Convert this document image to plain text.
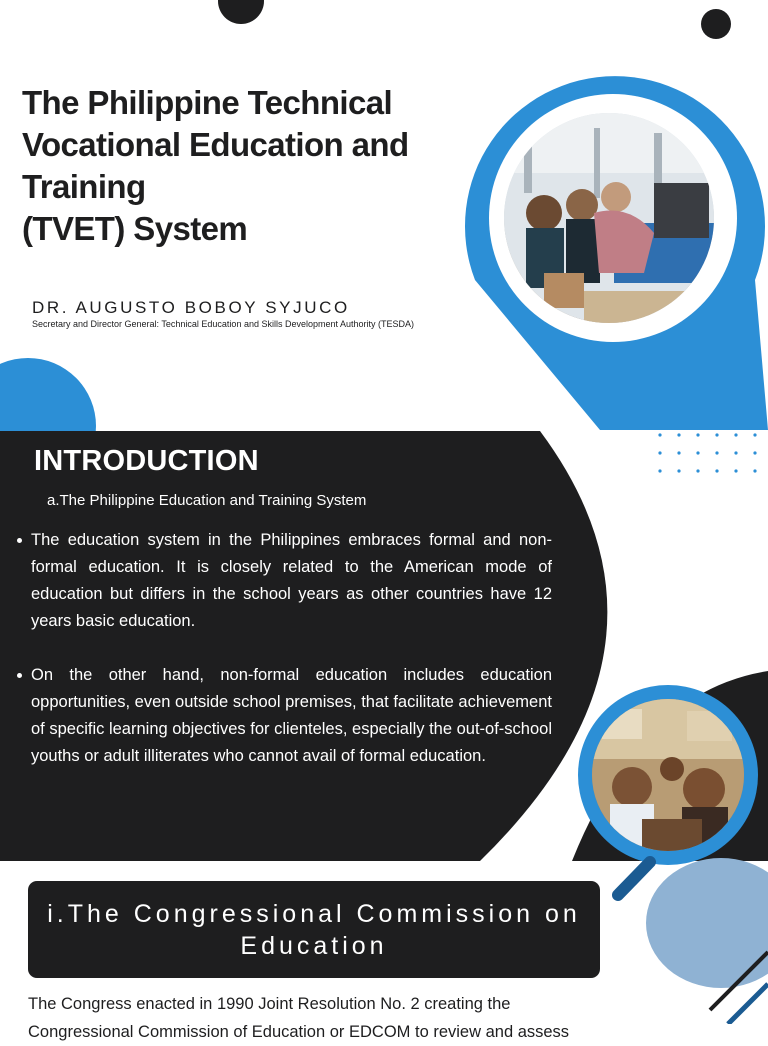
The Philippine Technical
Vocational Education and
Training
(TVET) System
DR. AUGUSTO BOBOY SYJUCO
Secretary and Director General: Technical Education and Skills Development Authority (TESDA)
INTRODUCTION
a.The Philippine Education and Training System
The education system in the Philippines embraces formal and non-formal education. It is closely related to the American mode of education but differs in the school years as other countries have 12 years basic education.
On the other hand, non-formal education includes education opportunities, even outside school premises, that facilitate achievement of specific learning objectives for clienteles, especially the out-of-school youths or adult illiterates who cannot avail of formal education.
i.The Congressional Commission on Education
The Congress enacted in 1990 Joint Resolution No. 2 creating the
Congressional Commission of Education or EDCOM to review and assess
